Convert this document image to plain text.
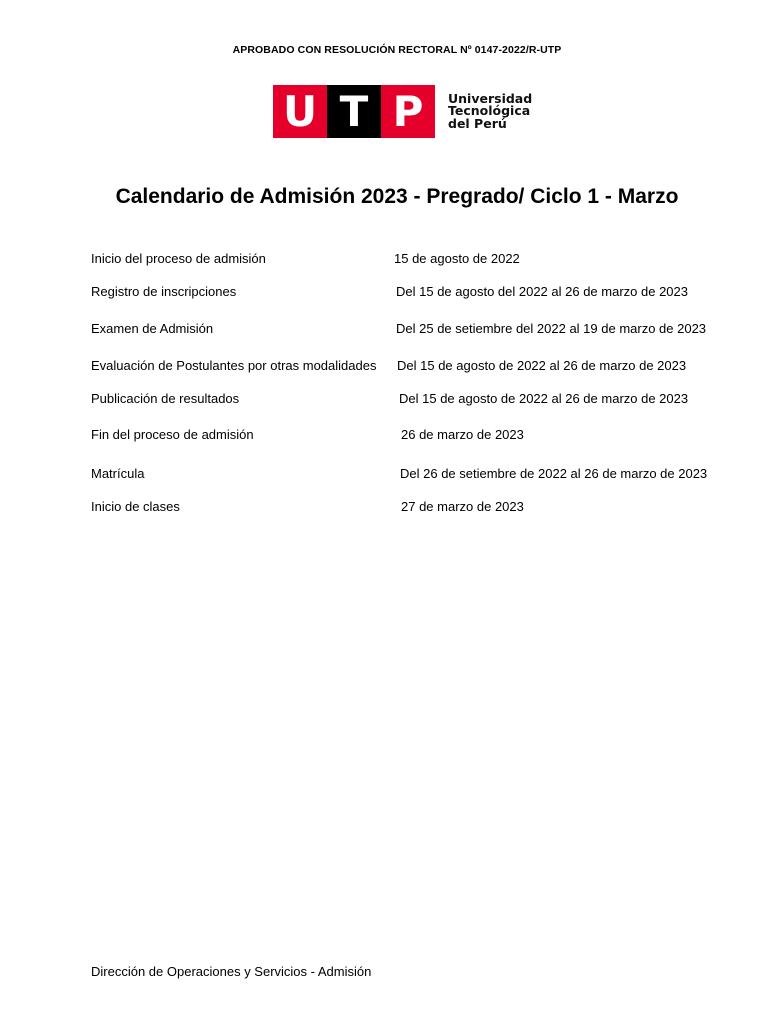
APROBADO CON RESOLUCIÓN RECTORAL Nº 0147-2022/R-UTP
U T P	Universidad
Tecnológica
del Perú
Calendario de Admisión 2023 - Pregrado/ Ciclo 1 - Marzo
Inicio del proceso de admisión	15 de agosto de 2022
Registro de inscripciones	Del 15 de agosto del 2022 al 26 de marzo de 2023
Examen de Admisión	Del 25 de setiembre del 2022 al 19 de marzo de 2023
Evaluación de Postulantes por otras modalidades Del 15 de agosto de 2022 al 26 de marzo de 2023
Publicación de resultados	Del 15 de agosto de 2022 al 26 de marzo de 2023
Fin del proceso de admisión	26 de marzo de 2023
Matrícula	Del 26 de setiembre de 2022 al 26 de marzo de 2023
Inicio de clases	27 de marzo de 2023
Dirección de Operaciones y Servicios - Admisión
